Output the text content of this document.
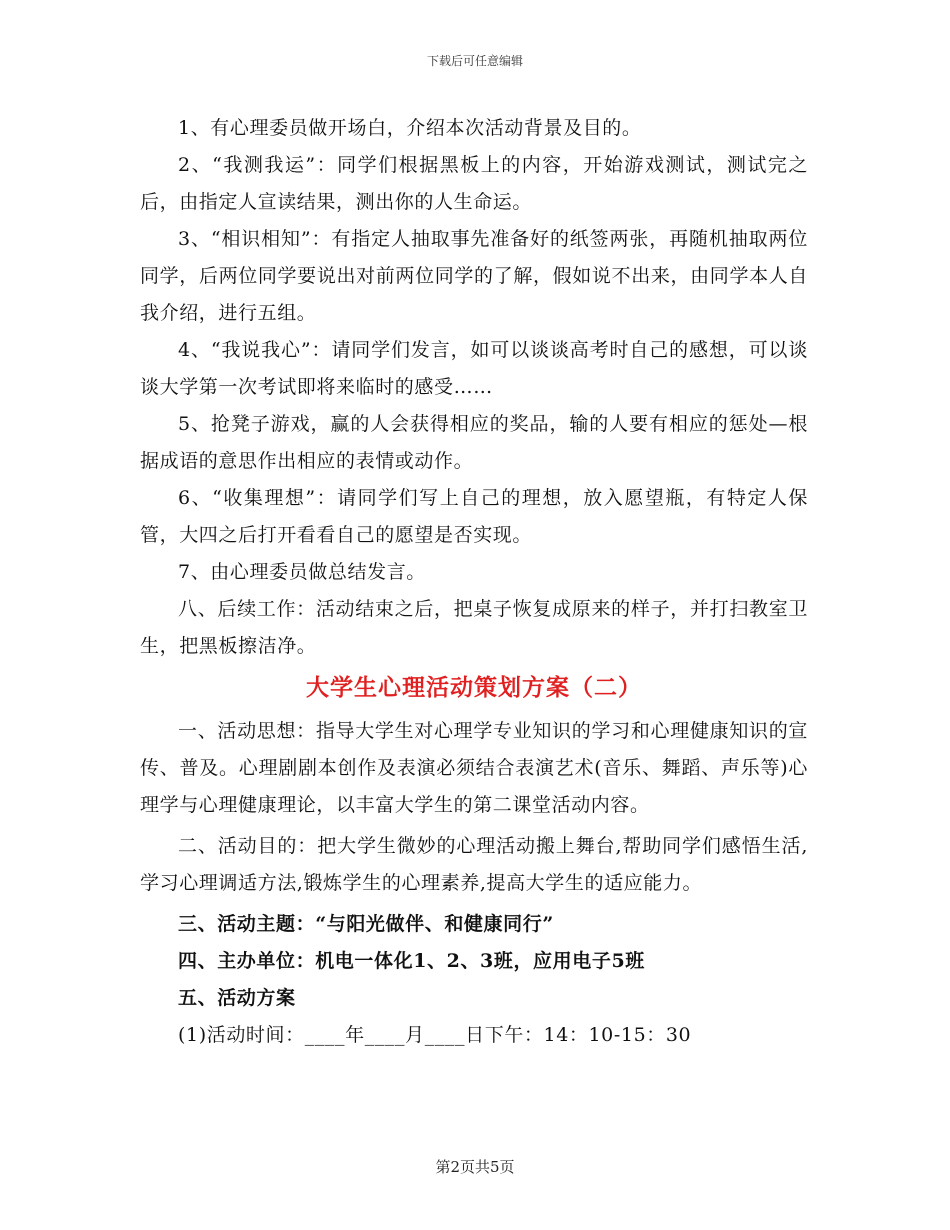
下载后可任意编辑

1、有心理委员做开场白，介绍本次活动背景及目的。

2、“我测我运”：同学们根据黑板上的内容，开始游戏测试，测试完之后，由指定人宣读结果，测出你的人生命运。

3、“相识相知”：有指定人抽取事先准备好的纸签两张，再随机抽取两位同学，后两位同学要说出对前两位同学的了解，假如说不出来，由同学本人自我介绍，进行五组。

4、“我说我心”：请同学们发言，如可以谈谈高考时自己的感想，可以谈谈大学第一次考试即将来临时的感受……

5、抢凳子游戏，赢的人会获得相应的奖品，输的人要有相应的惩处—根据成语的意思作出相应的表情或动作。

6、“收集理想”：请同学们写上自己的理想，放入愿望瓶，有特定人保管，大四之后打开看看自己的愿望是否实现。

7、由心理委员做总结发言。

八、后续工作：活动结束之后，把桌子恢复成原来的样子，并打扫教室卫生，把黑板擦洁净。

大学生心理活动策划方案（二）

一、活动思想：指导大学生对心理学专业知识的学习和心理健康知识的宣传、普及。心理剧剧本创作及表演必须结合表演艺术(音乐、舞蹈、声乐等)心理学与心理健康理论，以丰富大学生的第二课堂活动内容。

二、活动目的：把大学生微妙的心理活动搬上舞台,帮助同学们感悟生活,学习心理调适方法,锻炼学生的心理素养,提高大学生的适应能力。

三、活动主题：“与阳光做伴、和健康同行”

四、主办单位：机电一体化1、2、3班，应用电子5班

五、活动方案

(1)活动时间：____年____月____日下午：14：10-15：30

第2页共5页
